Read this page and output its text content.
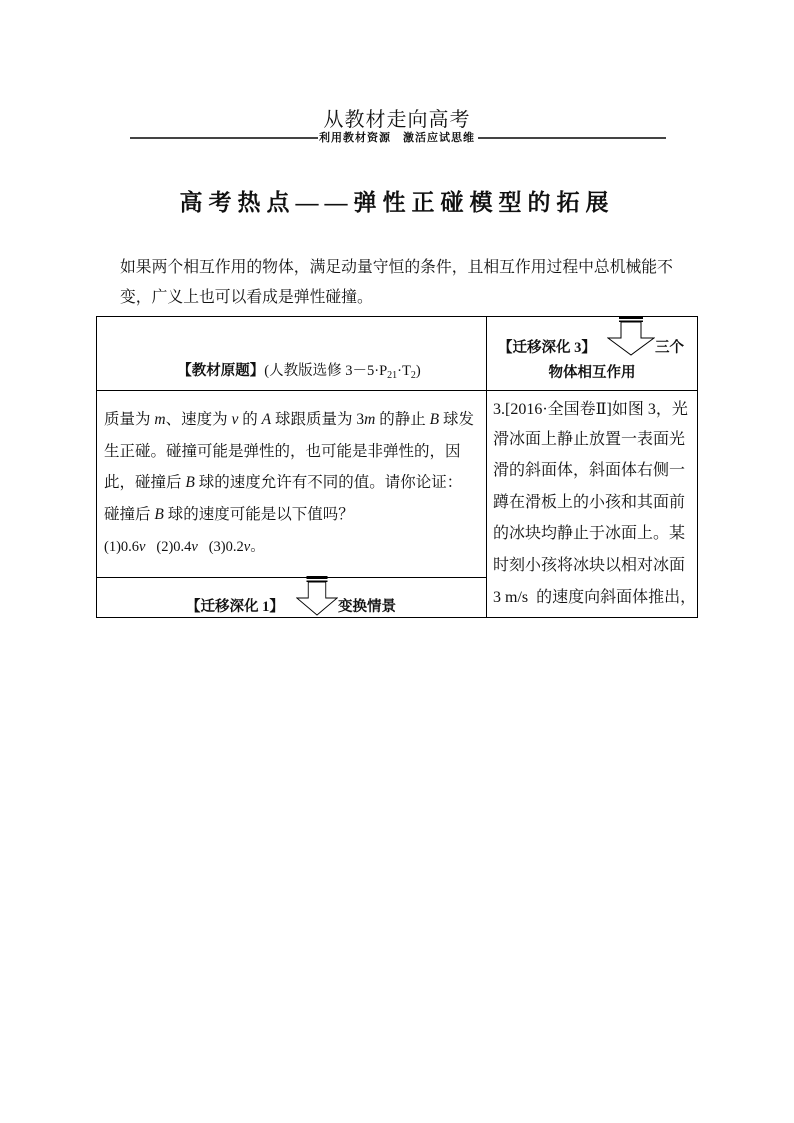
从教材走向高考
利用教材资源　激活应试思维
高考热点——弹性正碰模型的拓展
如果两个相互作用的物体，满足动量守恒的条件，且相互作用过程中总机械能不
变，广义上也可以看成是弹性碰撞。

【教材原题】(人教版选修 $3-5\cdot P_{21}\cdot T_2$)

质量为 m、速度为 v 的 A 球跟质量为 3m 的静止 B 球发
生正碰。碰撞可能是弹性的，也可能是非弹性的，因
此，碰撞后 B 球的速度允许有不同的值。请你论证：
碰撞后 B 球的速度可能是以下值吗？
(1)0.6v   (2)0.4v   (3)0.2v。
【迁移深化 1】	变换情景
【迁移深化 3】	三个
物体相互作用
3.[2016·全国卷Ⅱ]如图 3，光
滑冰面上静止放置一表面光
滑的斜面体，斜面体右侧一
蹲在滑板上的小孩和其面前
的冰块均静止于冰面上。某
时刻小孩将冰块以相对冰面
3 m/s  的速度向斜面体推出，
